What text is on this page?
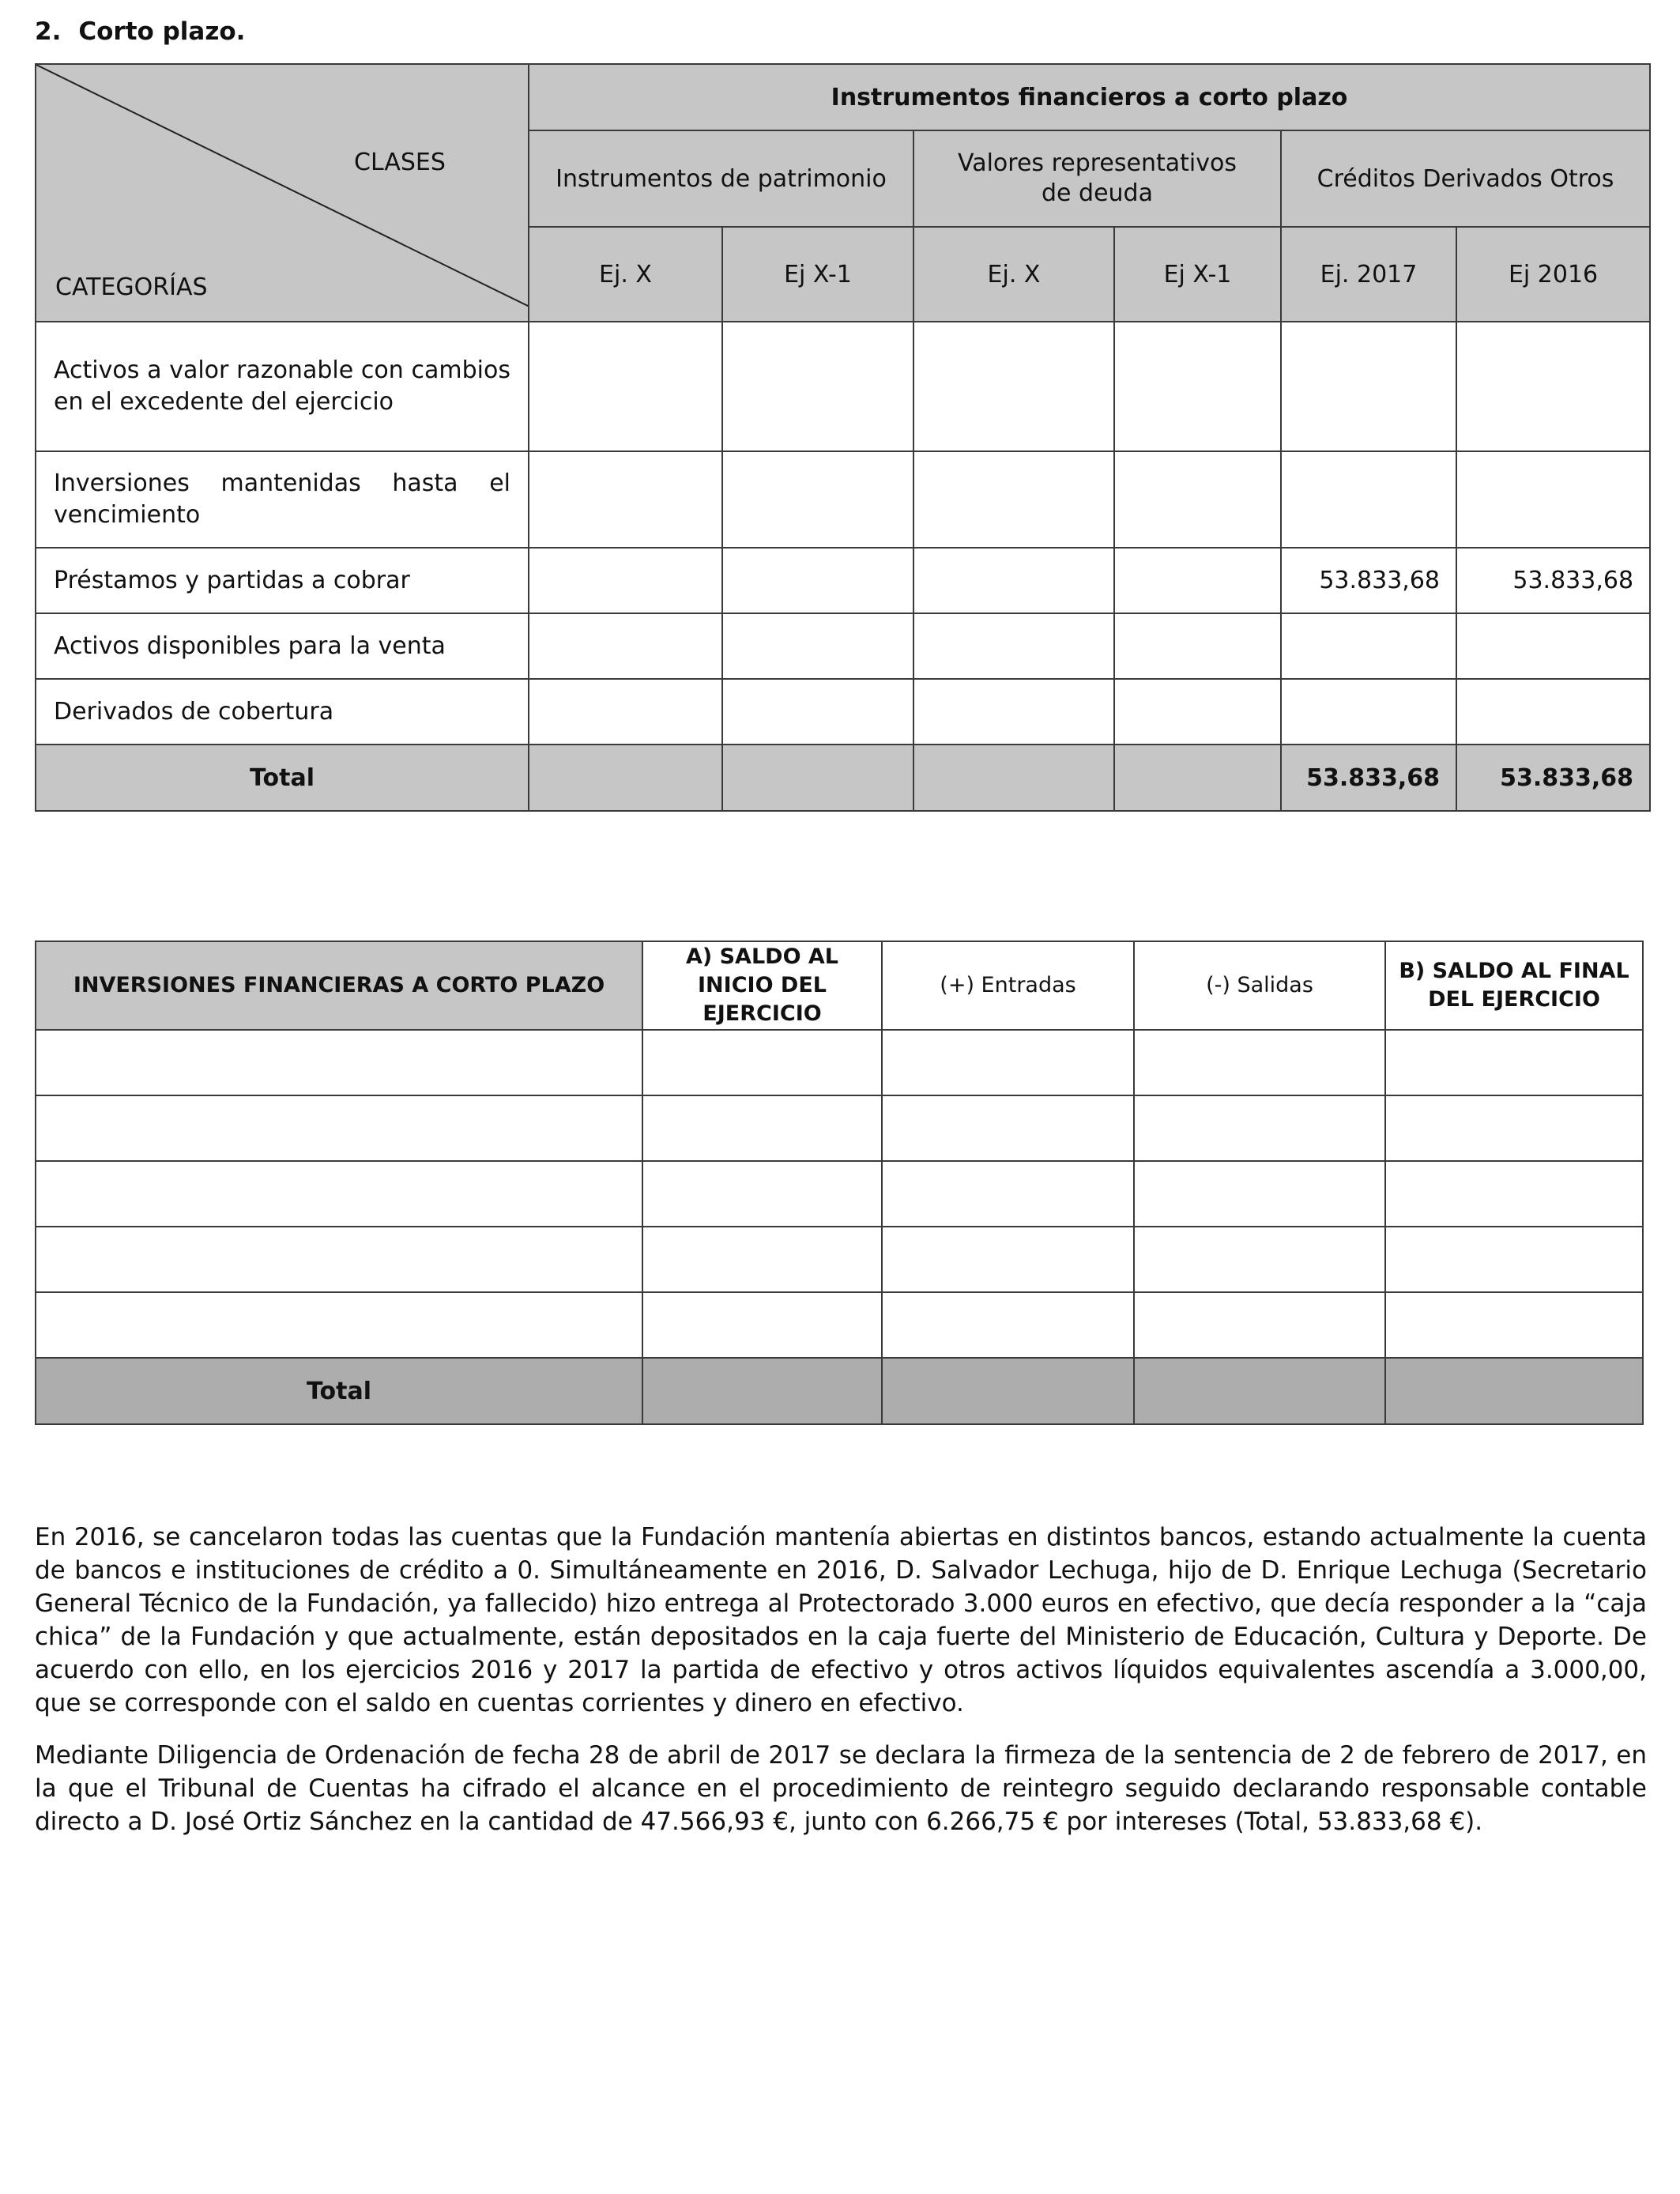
2. Corto plazo.
CLASES
CATEGORÍAS	Instrumentos financieros a corto plazo					
	Instrumentos de patrimonio		Valores representativos de deuda		Créditos Derivados Otros	
	Ej. X	Ej X-1	Ej. X	Ej X-1	Ej. 2017	Ej 2016
Activos a valor razonable con cambios en el excedente del ejercicio						
Inversiones mantenidas hasta el vencimiento						
Préstamos y partidas a cobrar					53.833,68	53.833,68
Activos disponibles para la venta						
Derivados de cobertura						
Total					53.833,68	53.833,68
INVERSIONES FINANCIERAS A CORTO PLAZO	A) SALDO AL INICIO DEL EJERCICIO	(+) Entradas	(-) Salidas	B) SALDO AL FINAL DEL EJERCICIO

Total				

En 2016, se cancelaron todas las cuentas que la Fundación mantenía abiertas en distintos bancos, estando actualmente la cuenta de bancos e instituciones de crédito a 0. Simultáneamente en 2016, D. Salvador Lechuga, hijo de D. Enrique Lechuga (Secretario General Técnico de la Fundación, ya fallecido) hizo entrega al Protectorado 3.000 euros en efectivo, que decía responder a la “caja chica” de la Fundación y que actualmente, están depositados en la caja fuerte del Ministerio de Educación, Cultura y Deporte. De acuerdo con ello, en los ejercicios 2016 y 2017 la partida de efectivo y otros activos líquidos equivalentes ascendía a 3.000,00, que se corresponde con el saldo en cuentas corrientes y dinero en efectivo.

Mediante Diligencia de Ordenación de fecha 28 de abril de 2017 se declara la firmeza de la sentencia de 2 de febrero de 2017, en la que el Tribunal de Cuentas ha cifrado el alcance en el procedimiento de reintegro seguido declarando responsable contable directo a D. José Ortiz Sánchez en la cantidad de 47.566,93 €, junto con 6.266,75 € por intereses (Total, 53.833,68 €).
